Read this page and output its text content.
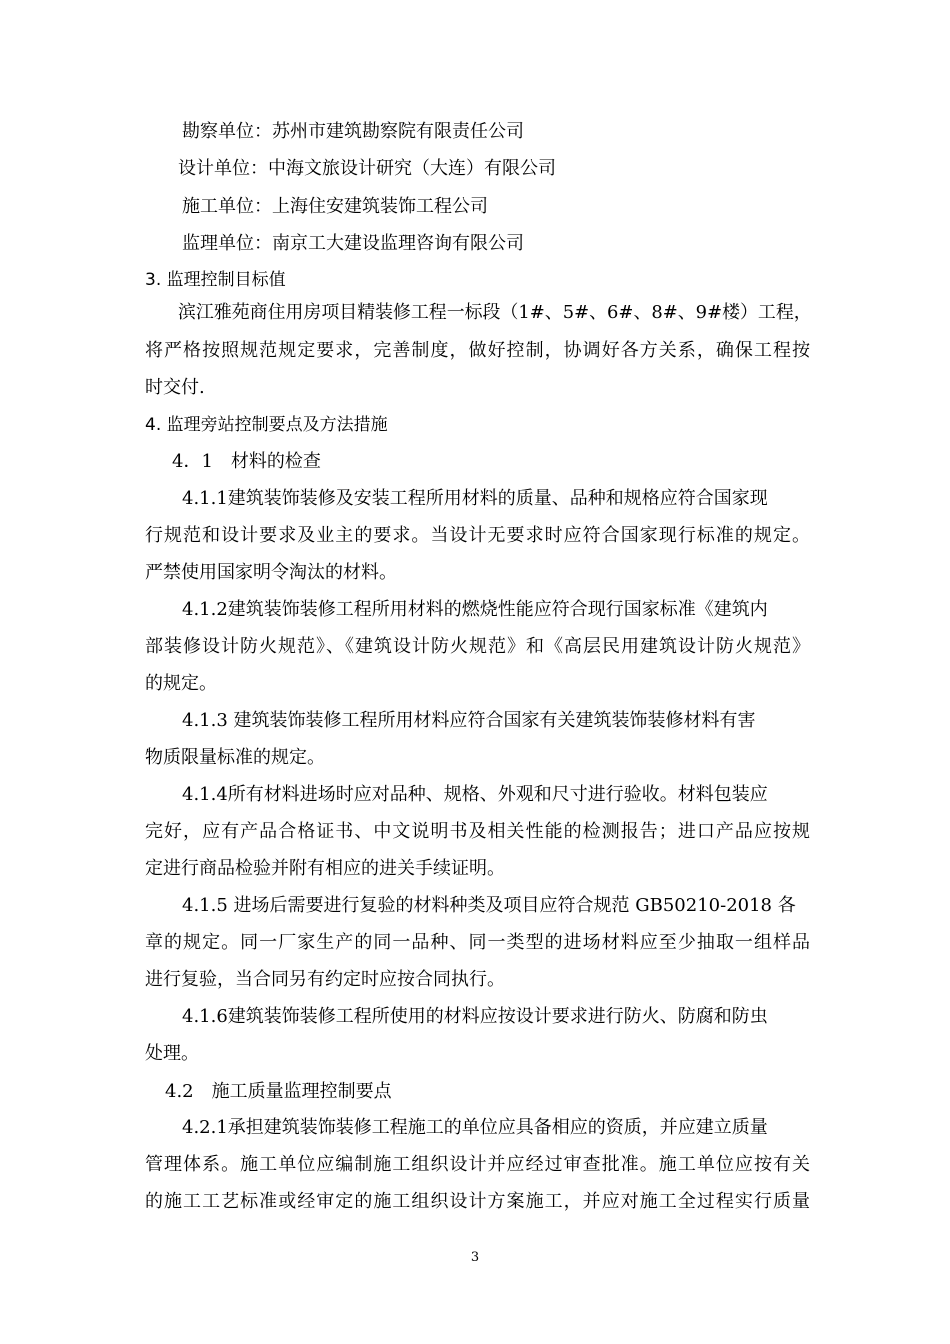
勘察单位：苏州市建筑勘察院有限责任公司
设计单位：中海文旅设计研究（大连）有限公司
施工单位：上海住安建筑装饰工程公司
监理单位：南京工大建设监理咨询有限公司
3. 监理控制目标值
滨江雅苑商住用房项目精装修工程一标段（1#、5#、6#、8#、9#楼）工程，
将严格按照规范规定要求，完善制度，做好控制，协调好各方关系，确保工程按
时交付.
4. 监理旁站控制要点及方法措施
4．1　材料的检查
4.1.1建筑装饰装修及安装工程所用材料的质量、品种和规格应符合国家现
行规范和设计要求及业主的要求。当设计无要求时应符合国家现行标准的规定。
严禁使用国家明令淘汰的材料。
4.1.2建筑装饰装修工程所用材料的燃烧性能应符合现行国家标准《建筑内
部装修设计防火规范》、《建筑设计防火规范》和《高层民用建筑设计防火规范》
的规定。
4.1.3 建筑装饰装修工程所用材料应符合国家有关建筑装饰装修材料有害
物质限量标准的规定。
4.1.4所有材料进场时应对品种、规格、外观和尺寸进行验收。材料包装应
完好，应有产品合格证书、中文说明书及相关性能的检测报告；进口产品应按规
定进行商品检验并附有相应的进关手续证明。
4.1.5 进场后需要进行复验的材料种类及项目应符合规范 GB50210-2018 各
章的规定。同一厂家生产的同一品种、同一类型的进场材料应至少抽取一组样品
进行复验，当合同另有约定时应按合同执行。
4.1.6建筑装饰装修工程所使用的材料应按设计要求进行防火、防腐和防虫
处理。
4.2　施工质量监理控制要点
4.2.1承担建筑装饰装修工程施工的单位应具备相应的资质，并应建立质量
管理体系。施工单位应编制施工组织设计并应经过审查批准。施工单位应按有关
的施工工艺标准或经审定的施工组织设计方案施工，并应对施工全过程实行质量
3
